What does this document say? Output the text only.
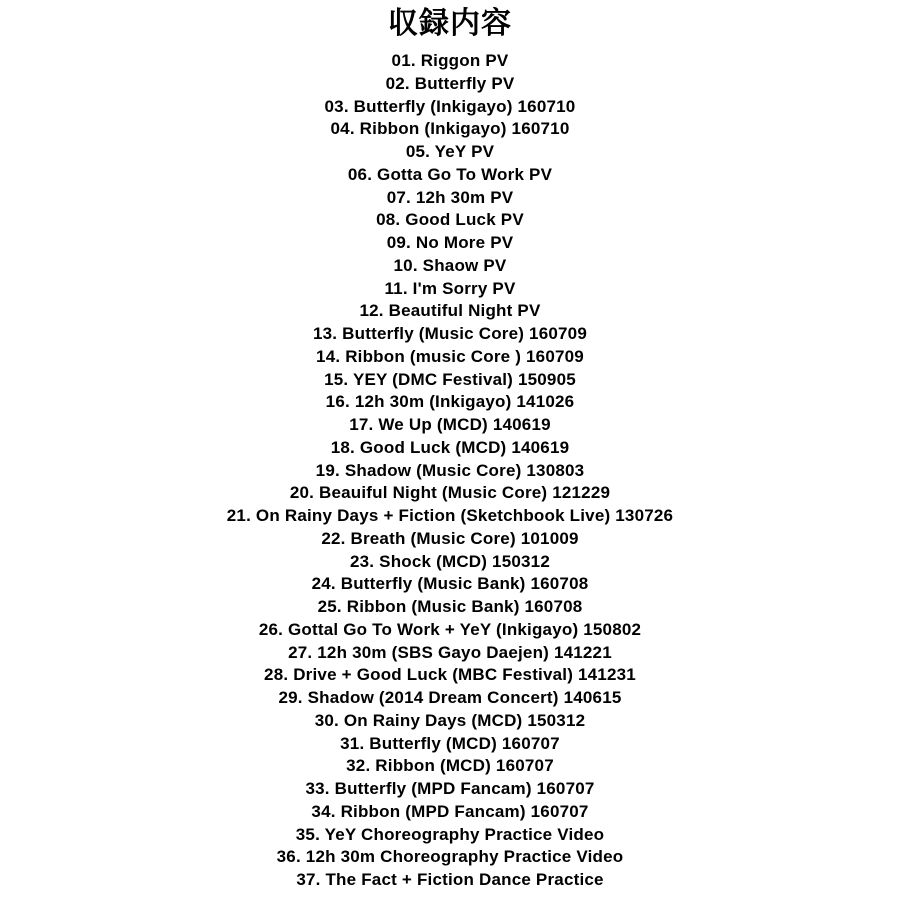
収録内容
01. Riggon PV
02. Butterfly PV
03. Butterfly (Inkigayo) 160710
04. Ribbon (Inkigayo) 160710
05. YeY PV
06. Gotta Go To Work PV
07. 12h 30m PV
08. Good Luck PV
09. No More PV
10. Shaow PV
11. I'm Sorry PV
12. Beautiful Night PV
13. Butterfly (Music Core) 160709
14. Ribbon (music Core ) 160709
15. YEY (DMC Festival) 150905
16. 12h 30m (Inkigayo) 141026
17. We Up (MCD) 140619
18. Good Luck (MCD) 140619
19. Shadow (Music Core) 130803
20. Beauiful Night (Music Core) 121229
21. On Rainy Days + Fiction (Sketchbook Live) 130726
22. Breath (Music Core) 101009
23. Shock (MCD) 150312
24. Butterfly (Music Bank) 160708
25. Ribbon (Music Bank) 160708
26. Gottal Go To Work + YeY (Inkigayo) 150802
27. 12h 30m (SBS Gayo Daejen) 141221
28. Drive + Good Luck (MBC Festival) 141231
29. Shadow (2014 Dream Concert) 140615
30. On Rainy Days (MCD) 150312
31. Butterfly (MCD) 160707
32. Ribbon (MCD) 160707
33. Butterfly (MPD Fancam) 160707
34. Ribbon (MPD Fancam) 160707
35. YeY Choreography Practice Video
36. 12h 30m Choreography Practice Video
37. The Fact + Fiction Dance Practice
